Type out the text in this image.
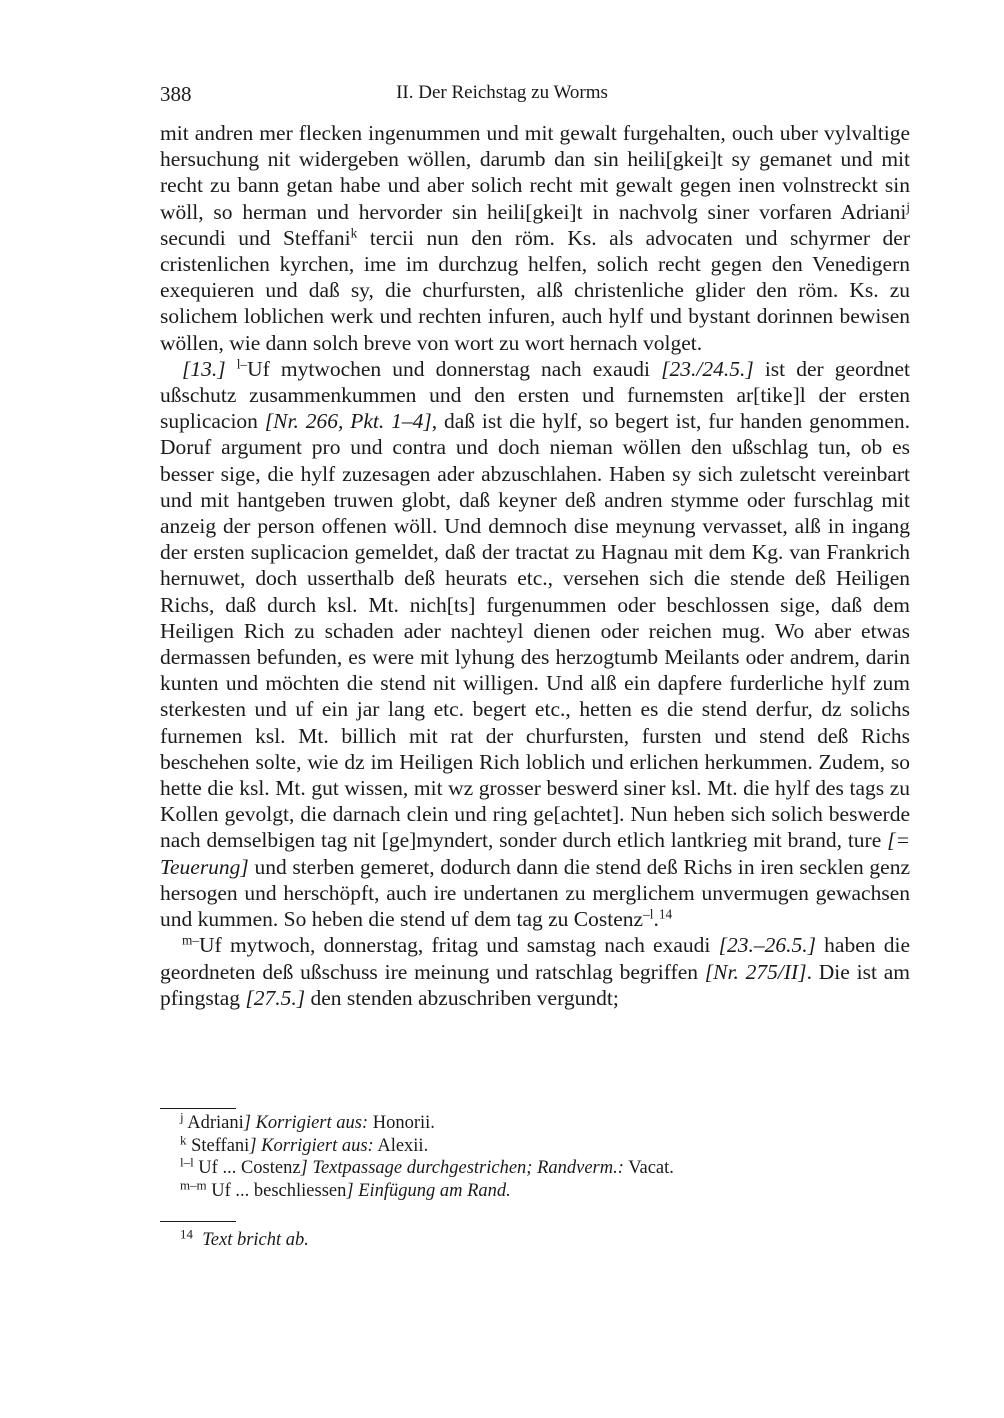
388	II. Der Reichstag zu Worms

mit andren mer flecken ingenummen und mit gewalt furgehalten, ouch uber vylvaltige hersuchung nit widergeben wöllen, darumb dan sin heili[gkei]t sy gemanet und mit recht zu bann getan habe und aber solich recht mit gewalt gegen inen volnstreckt sin wöll, so herman und hervorder sin heili[gkei]t in nachvolg siner vorfaren Adriani$^j$ secundi und Steffani$^k$ tercii nun den röm. Ks. als advocaten und schyrmer der cristenlichen kyrchen, ime im durchzug helfen, solich recht gegen den Venedigern exequieren und daß sy, die churfursten, alß christenliche glider den röm. Ks. zu solichem loblichen werk und rechten infuren, auch hylf und bystant dorinnen bewisen wöllen, wie dann solch breve von wort zu wort hernach volget.

[13.] $^{l-}$Uf mytwochen und donnerstag nach exaudi [23./24.5.] ist der geordnet ußschutz zusammenkummen und den ersten und furnemsten ar[tike]l der ersten suplicacion [Nr. 266, Pkt. 1–4], daß ist die hylf, so begert ist, fur handen genommen. Doruf argument pro und contra und doch nieman wöllen den ußschlag tun, ob es besser sige, die hylf zuzesagen ader abzuschlahen. Haben sy sich zuletscht vereinbart und mit hantgeben truwen globt, daß keyner deß andren stymme oder furschlag mit anzeig der person offenen wöll. Und demnoch dise meynung vervasset, alß in ingang der ersten suplicacion gemeldet, daß der tractat zu Hagnau mit dem Kg. van Frankrich hernuwet, doch usserthalb deß heurats etc., versehen sich die stende deß Heiligen Richs, daß durch ksl. Mt. nich[ts] furgenummen oder beschlossen sige, daß dem Heiligen Rich zu schaden ader nachteyl dienen oder reichen mug. Wo aber etwas dermassen befunden, es were mit lyhung des herzogtumb Meilants oder andrem, darin kunten und möchten die stend nit willigen. Und alß ein dapfere furderliche hylf zum sterkesten und uf ein jar lang etc. begert etc., hetten es die stend derfur, dz solichs furnemen ksl. Mt. billich mit rat der churfursten, fursten und stend deß Richs beschehen solte, wie dz im Heiligen Rich loblich und erlichen herkummen. Zudem, so hette die ksl. Mt. gut wissen, mit wz grosser beswerd siner ksl. Mt. die hylf des tags zu Kollen gevolgt, die darnach clein und ring ge[achtet]. Nun heben sich solich beswerde nach demselbigen tag nit [ge]myndert, sonder durch etlich lantkrieg mit brand, ture [= Teuerung] und sterben gemeret, dodurch dann die stend deß Richs in iren secklen genz hersogen und herschöpft, auch ire undertanen zu merglichem unvermugen gewachsen und kummen. So heben die stend uf dem tag zu Costenz$^{-l}$.$^{14}$

$^{m-}$Uf mytwoch, donnerstag, fritag und samstag nach exaudi [23.–26.5.] haben die geordneten deß ußschuss ire meinung und ratschlag begriffen [Nr. 275/II]. Die ist am pfingstag [27.5.] den stenden abzuschriben vergundt;

$^j$ Adriani] Korrigiert aus: Honorii.
$^k$ Steffani] Korrigiert aus: Alexii.
$^{l-l}$ Uf ... Costenz] Textpassage durchgestrichen; Randverm.: Vacat.
$^{m-m}$ Uf ... beschliessen] Einfügung am Rand.
$^{14}$ Text bricht ab.
